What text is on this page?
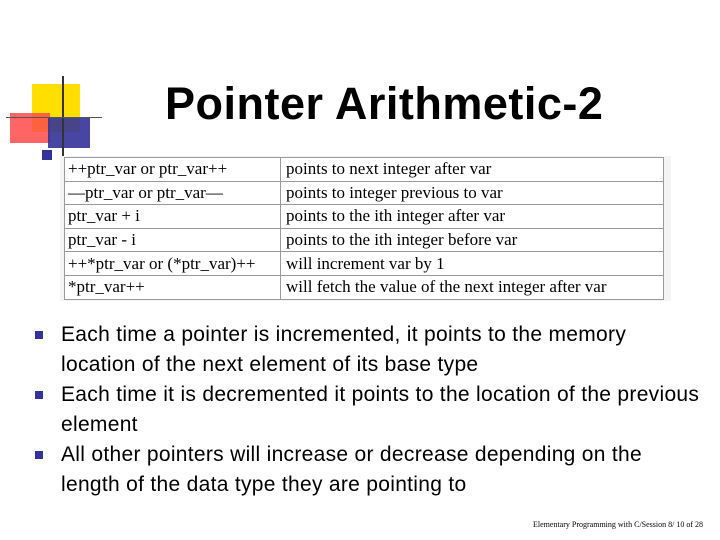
Pointer Arithmetic-2
++ptr_var or ptr_var++	points to next integer after var
—ptr_var or ptr_var—	points to integer previous to var
ptr_var + i	points to the ith integer after var
ptr_var - i	points to the ith integer before var
++*ptr_var or (*ptr_var)++	will increment var by 1
*ptr_var++	will fetch the value of the next integer after var
Each time a pointer is incremented, it points to the memory location of the next element of its base type
Each time it is decremented it points to the location of the previous element
All other pointers will increase or decrease depending on the length of the data type they are pointing to
Elementary Programming with C/Session 8/ 10 of 28
